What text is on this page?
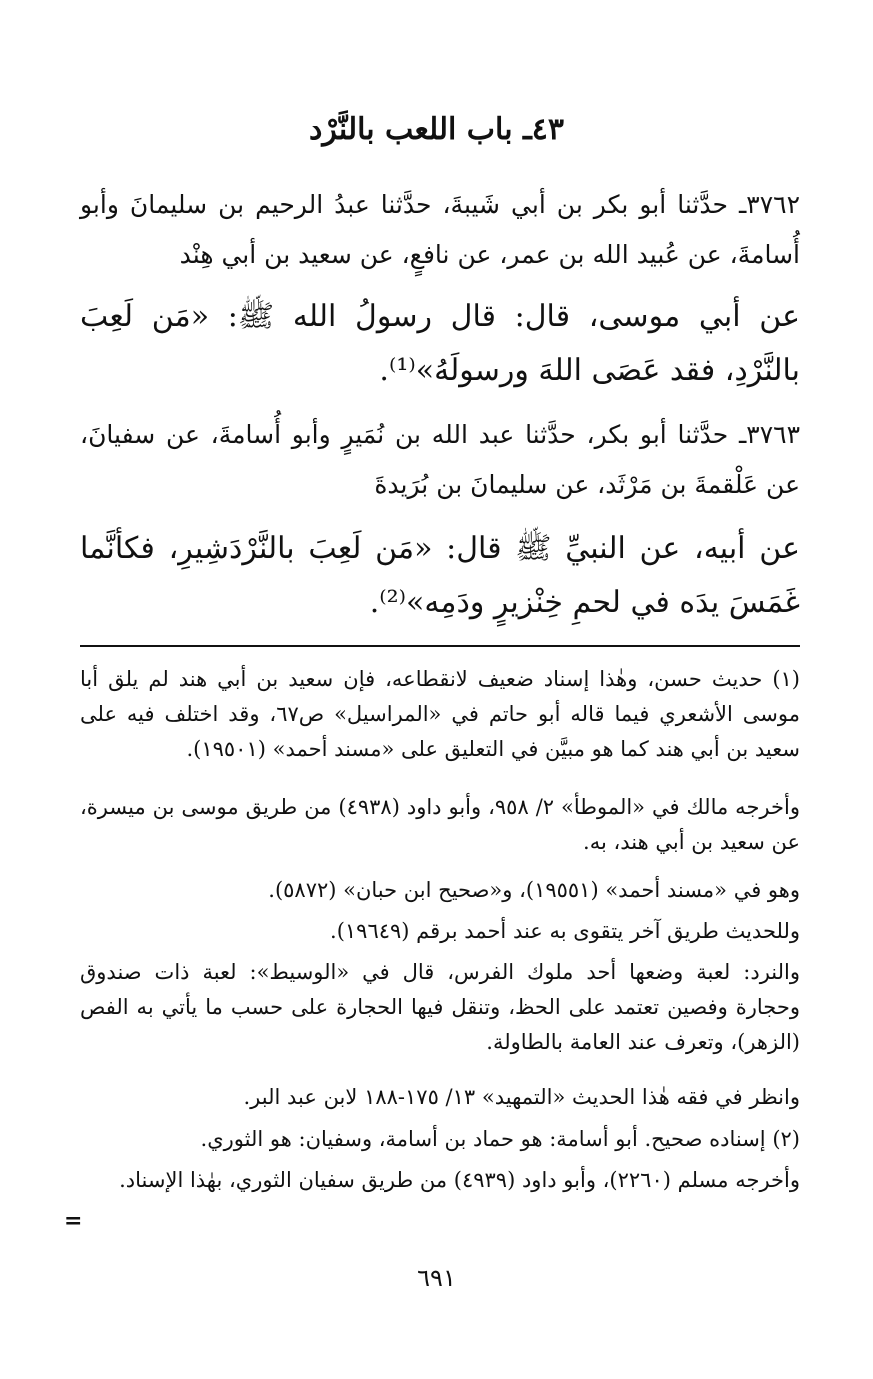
٤٣ـ باب اللعب بالنَّرْد
٣٧٦٢ـ حدَّثنا أبو بكر بن أبي شَيبةَ، حدَّثنا عبدُ الرحيم بن سليمانَ وأبو أُسامةَ، عن عُبيد الله بن عمر، عن نافعٍ، عن سعيد بن أبي هِنْد
عن أبي موسى، قال: قال رسولُ الله ﷺ: «مَن لَعِبَ بالنَّرْدِ، فقد عَصَى اللهَ ورسولَهُ»⁽¹⁾.
٣٧٦٣ـ حدَّثنا أبو بكر، حدَّثنا عبد الله بن نُمَيرٍ وأبو أُسامةَ، عن سفيانَ، عن عَلْقمةَ بن مَرْثَد، عن سليمانَ بن بُرَيدةَ
عن أبيه، عن النبيِّ ﷺ قال: «مَن لَعِبَ بالنَّرْدَشِيرِ، فكأنَّما غَمَسَ يدَه في لحمِ خِنْزيرٍ ودَمِه»⁽²⁾.
(١) حديث حسن، وهٰذا إسناد ضعيف لانقطاعه، فإن سعيد بن أبي هند لم يلق أبا موسى الأشعري فيما قاله أبو حاتم في «المراسيل» ص٦٧، وقد اختلف فيه على سعيد بن أبي هند كما هو مبيَّن في التعليق على «مسند أحمد» (١٩٥٠١).
وأخرجه مالك في «الموطأ» ٢/ ٩٥٨، وأبو داود (٤٩٣٨) من طريق موسى بن ميسرة، عن سعيد بن أبي هند، به.
وهو في «مسند أحمد» (١٩٥٥١)، و«صحيح ابن حبان» (٥٨٧٢).
وللحديث طريق آخر يتقوى به عند أحمد برقم (١٩٦٤٩).
والنرد: لعبة وضعها أحد ملوك الفرس، قال في «الوسيط»: لعبة ذات صندوق وحجارة وفصين تعتمد على الحظ، وتنقل فيها الحجارة على حسب ما يأتي به الفص (الزهر)، وتعرف عند العامة بالطاولة.
وانظر في فقه هٰذا الحديث «التمهيد» ١٣/ ١٧٥-١٨٨ لابن عبد البر.
(٢) إسناده صحيح. أبو أسامة: هو حماد بن أسامة، وسفيان: هو الثوري.
وأخرجه مسلم (٢٢٦٠)، وأبو داود (٤٩٣٩) من طريق سفيان الثوري، بهٰذا الإسناد.
=
٦٩١
